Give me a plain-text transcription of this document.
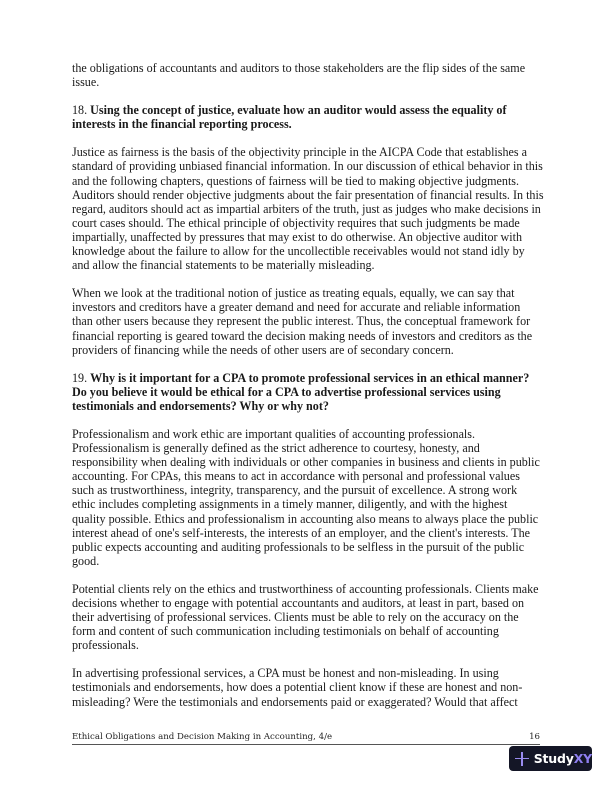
the obligations of accountants and auditors to those stakeholders are the flip sides of the same
issue.
18. Using the concept of justice, evaluate how an auditor would assess the equality of
interests in the financial reporting process.
Justice as fairness is the basis of the objectivity principle in the AICPA Code that establishes a
standard of providing unbiased financial information. In our discussion of ethical behavior in this
and the following chapters, questions of fairness will be tied to making objective judgments.
Auditors should render objective judgments about the fair presentation of financial results. In this
regard, auditors should act as impartial arbiters of the truth, just as judges who make decisions in
court cases should. The ethical principle of objectivity requires that such judgments be made
impartially, unaffected by pressures that may exist to do otherwise. An objective auditor with
knowledge about the failure to allow for the uncollectible receivables would not stand idly by
and allow the financial statements to be materially misleading.
When we look at the traditional notion of justice as treating equals, equally, we can say that
investors and creditors have a greater demand and need for accurate and reliable information
than other users because they represent the public interest. Thus, the conceptual framework for
financial reporting is geared toward the decision making needs of investors and creditors as the
providers of financing while the needs of other users are of secondary concern.
19. Why is it important for a CPA to promote professional services in an ethical manner?
Do you believe it would be ethical for a CPA to advertise professional services using
testimonials and endorsements? Why or why not?
Professionalism and work ethic are important qualities of accounting professionals.
Professionalism is generally defined as the strict adherence to courtesy, honesty, and
responsibility when dealing with individuals or other companies in business and clients in public
accounting. For CPAs, this means to act in accordance with personal and professional values
such as trustworthiness, integrity, transparency, and the pursuit of excellence. A strong work
ethic includes completing assignments in a timely manner, diligently, and with the highest
quality possible. Ethics and professionalism in accounting also means to always place the public
interest ahead of one's self-interests, the interests of an employer, and the client's interests. The
public expects accounting and auditing professionals to be selfless in the pursuit of the public
good.
Potential clients rely on the ethics and trustworthiness of accounting professionals. Clients make
decisions whether to engage with potential accountants and auditors, at least in part, based on
their advertising of professional services. Clients must be able to rely on the accuracy on the
form and content of such communication including testimonials on behalf of accounting
professionals.
In advertising professional services, a CPA must be honest and non-misleading. In using
testimonials and endorsements, how does a potential client know if these are honest and non-
misleading? Were the testimonials and endorsements paid or exaggerated? Would that affect
Ethical Obligations and Decision Making in Accounting, 4/e	16
StudyXY
